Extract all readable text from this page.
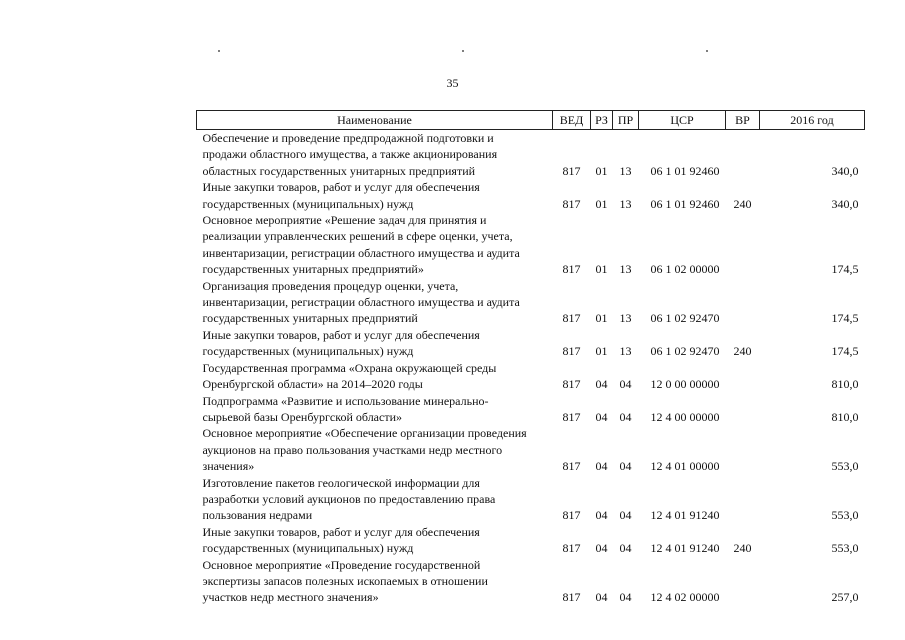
35
Наименование	ВЕД	РЗ	ПР	ЦСР	ВР	2016 год

Обеспечение и проведение предпродажной подготовки и
продажи областного имущества, а также акционирования
областных государственных унитарных предприятий	817	01	13	06 1 01 92460		340,0

Иные закупки товаров, работ и услуг для обеспечения
государственных (муниципальных) нужд	817	01	13	06 1 01 92460	240	340,0

Основное мероприятие «Решение задач для принятия и
реализации управленческих решений в сфере оценки, учета,
инвентаризации, регистрации областного имущества и аудита
государственных унитарных предприятий»	817	01	13	06 1 02 00000		174,5

Организация проведения процедур оценки, учета,
инвентаризации, регистрации областного имущества и аудита
государственных унитарных предприятий	817	01	13	06 1 02 92470		174,5

Иные закупки товаров, работ и услуг для обеспечения
государственных (муниципальных) нужд	817	01	13	06 1 02 92470	240	174,5

Государственная программа «Охрана окружающей среды
Оренбургской области» на 2014–2020 годы	817	04	04	12 0 00 00000		810,0

Подпрограмма «Развитие и использование минерально-
сырьевой базы Оренбургской области»	817	04	04	12 4 00 00000		810,0

Основное мероприятие «Обеспечение организации проведения
аукционов на право пользования участками недр местного
значения»	817	04	04	12 4 01 00000		553,0

Изготовление пакетов геологической информации для
разработки условий аукционов по предоставлению права
пользования недрами	817	04	04	12 4 01 91240		553,0

Иные закупки товаров, работ и услуг для обеспечения
государственных (муниципальных) нужд	817	04	04	12 4 01 91240	240	553,0

Основное мероприятие «Проведение государственной
экспертизы запасов полезных ископаемых в отношении
участков недр местного значения»	817	04	04	12 4 02 00000		257,0
